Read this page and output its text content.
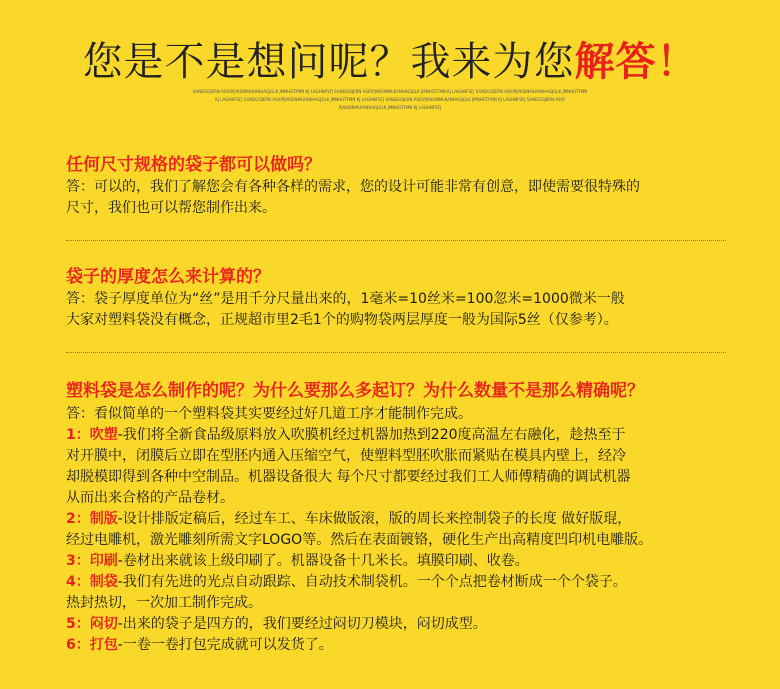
您是不是想问呢？我来为您解答！
SANDGOJERN ASIOPJAKSINMLKANHAGJGLK JMNHGTFMN KJ LAGHNFSFJ SANDGOJERN ASIOPJAKSINMLKANHAGJGLK JMNHGTFMN KJ LAGHNFSFJ SANDGOJERN ASIOPJAKSINMLKANHAGJGLK JMNHGTFMN
KJ LAGHNFSFJ SANDGOJERN ASIOPJAKSINMLKANHAGJGLK JMNHGTFMN KJ LAGHNFSFJ SANDGOJERN ASIOPJAKSINMLKANHAGJGLK JMNHGTFMN KJ LAGHNFSFJ SANDGOJERN ASIO
PJAKSINMLKANHAGJGLK JMNHGTFMN KJ LAGHNFSFJ
任何尺寸规格的袋子都可以做吗？

答：可以的，我们了解您会有各种各样的需求，您的设计可能非常有创意，即使需要很特殊的

尺寸，我们也可以帮您制作出来。

袋子的厚度怎么来计算的？

答：袋子厚度单位为“丝”是用千分尺量出来的，1毫米=10丝米=100忽米=1000微米一般

大家对塑料袋没有概念，正规超市里2毛1个的购物袋两层厚度一般为国际5丝（仅参考）。

塑料袋是怎么制作的呢？为什么要那么多起订？为什么数量不是那么精确呢？

答：看似简单的一个塑料袋其实要经过好几道工序才能制作完成。

1：吹塑-我们将全新食品级原料放入吹膜机经过机器加热到220度高温左右融化，趁热至于

对开膜中，闭膜后立即在型胚内通入压缩空气，使塑料型胚吹胀而紧贴在模具内壁上，经冷

却脱模即得到各种中空制品。机器设备很大 每个尺寸都要经过我们工人师傅精确的调试机器

从而出来合格的产品卷材。

2：制版-设计排版定稿后，经过车工、车床做版滚，版的周长来控制袋子的长度 做好版琨，

经过电雕机，激光雕刻所需文字LOGO等。然后在表面镀铬，硬化生产出高精度凹印机电雕版。

3：印刷-卷材出来就该上级印刷了。机器设备十几米长。填膜印刷、收卷。

4：制袋-我们有先进的光点自动跟踪、自动技术制袋机。一个个点把卷材断成一个个袋子。

热封热切，一次加工制作完成。

5：闷切-出来的袋子是四方的，我们要经过闷切刀模块，闷切成型。

6：打包-一卷一卷打包完成就可以发货了。
